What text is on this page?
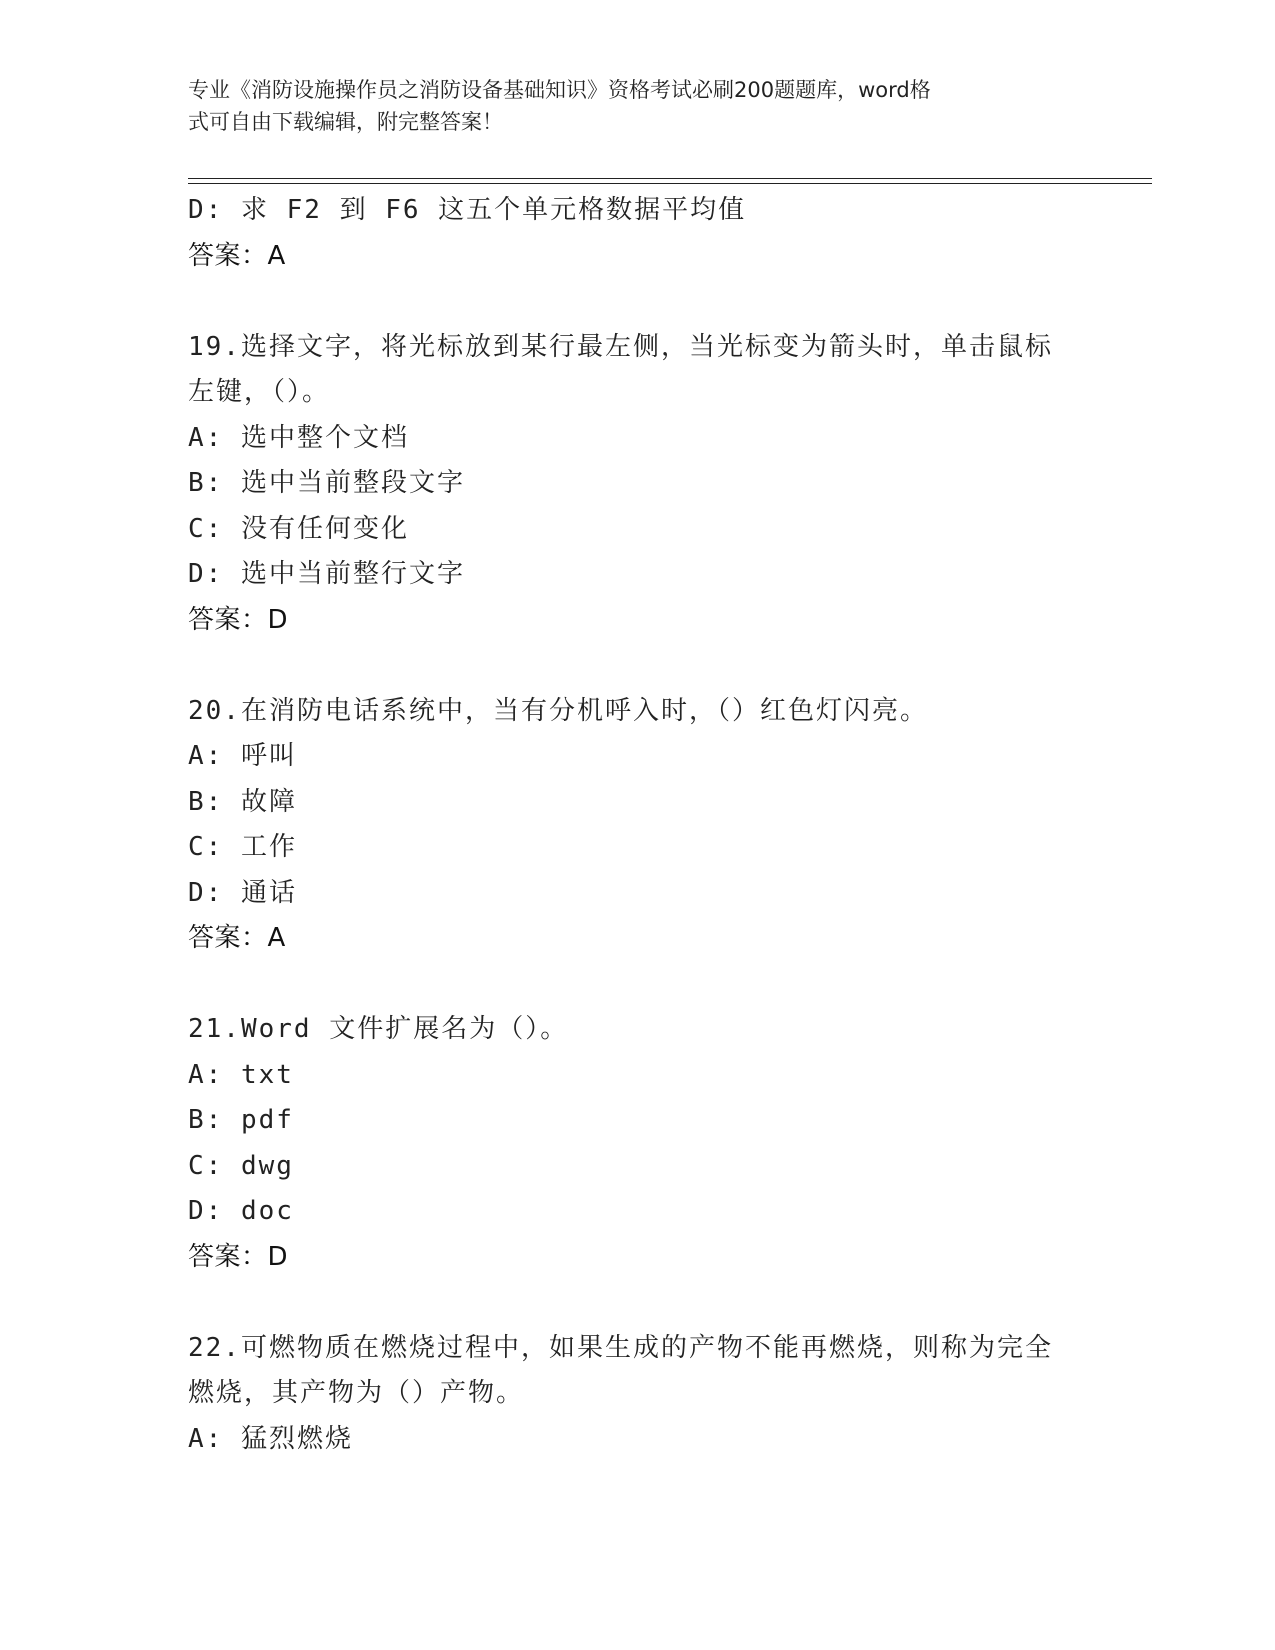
专业《消防设施操作员之消防设备基础知识》资格考试必刷200题题库，word格
式可自由下载编辑，附完整答案！
D: 求 F2 到 F6 这五个单元格数据平均值
答案：A
19.选择文字，将光标放到某行最左侧，当光标变为箭头时，单击鼠标
左键，（）。
A: 选中整个文档
B: 选中当前整段文字
C: 没有任何变化
D: 选中当前整行文字
答案：D
20.在消防电话系统中，当有分机呼入时，（）红色灯闪亮。
A: 呼叫
B: 故障
C: 工作
D: 通话
答案：A
21.Word 文件扩展名为（）。
A: txt
B: pdf
C: dwg
D: doc
答案：D
22.可燃物质在燃烧过程中，如果生成的产物不能再燃烧，则称为完全
燃烧，其产物为（）产物。
A: 猛烈燃烧
